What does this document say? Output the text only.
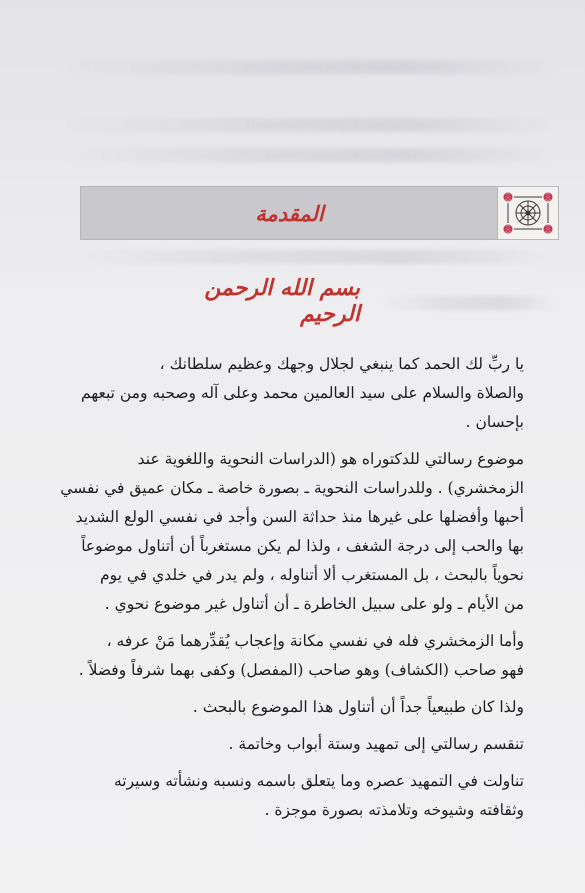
المقدمة
بسم الله الرحمن الرحيم

يا ربِّ لك الحمد كما ينبغي لجلال وجهك وعظيم سلطانك ،
والصلاة والسلام على سيد العالمين محمد وعلى آله وصحبه ومن تبعهم
بإحسان .

موضوع رسالتي للدكتوراه هو (الدراسات النحوية واللغوية عند
الزمخشري) . وللدراسات النحوية ـ بصورة خاصة ـ مكان عميق في نفسي
أحبها وأفضلها على غيرها منذ حداثة السن وأجد في نفسي الولع الشديد
بها والحب إلى درجة الشغف ، ولذا لم يكن مستغرباً أن أتناول موضوعاً
نحوياً بالبحث ، بل المستغرب ألا أتناوله ، ولم يدر في خلدي في يوم
من الأيام ـ ولو على سبيل الخاطرة ـ أن أتناول غير موضوع نحوي .

وأما الزمخشري فله في نفسي مكانة وإعجاب يُقدِّرهما مَنْ عرفه ،
فهو صاحب (الكشاف) وهو صاحب (المفصل) وكفى بهما شرفاً وفضلاً .

ولذا كان طبيعياً جداً أن أتناول هذا الموضوع بالبحث .

تنقسم رسالتي إلى تمهيد وستة أبواب وخاتمة .

تناولت في التمهيد عصره وما يتعلق باسمه ونسبه ونشأته وسيرته
وثقافته وشيوخه وتلامذته بصورة موجزة .
